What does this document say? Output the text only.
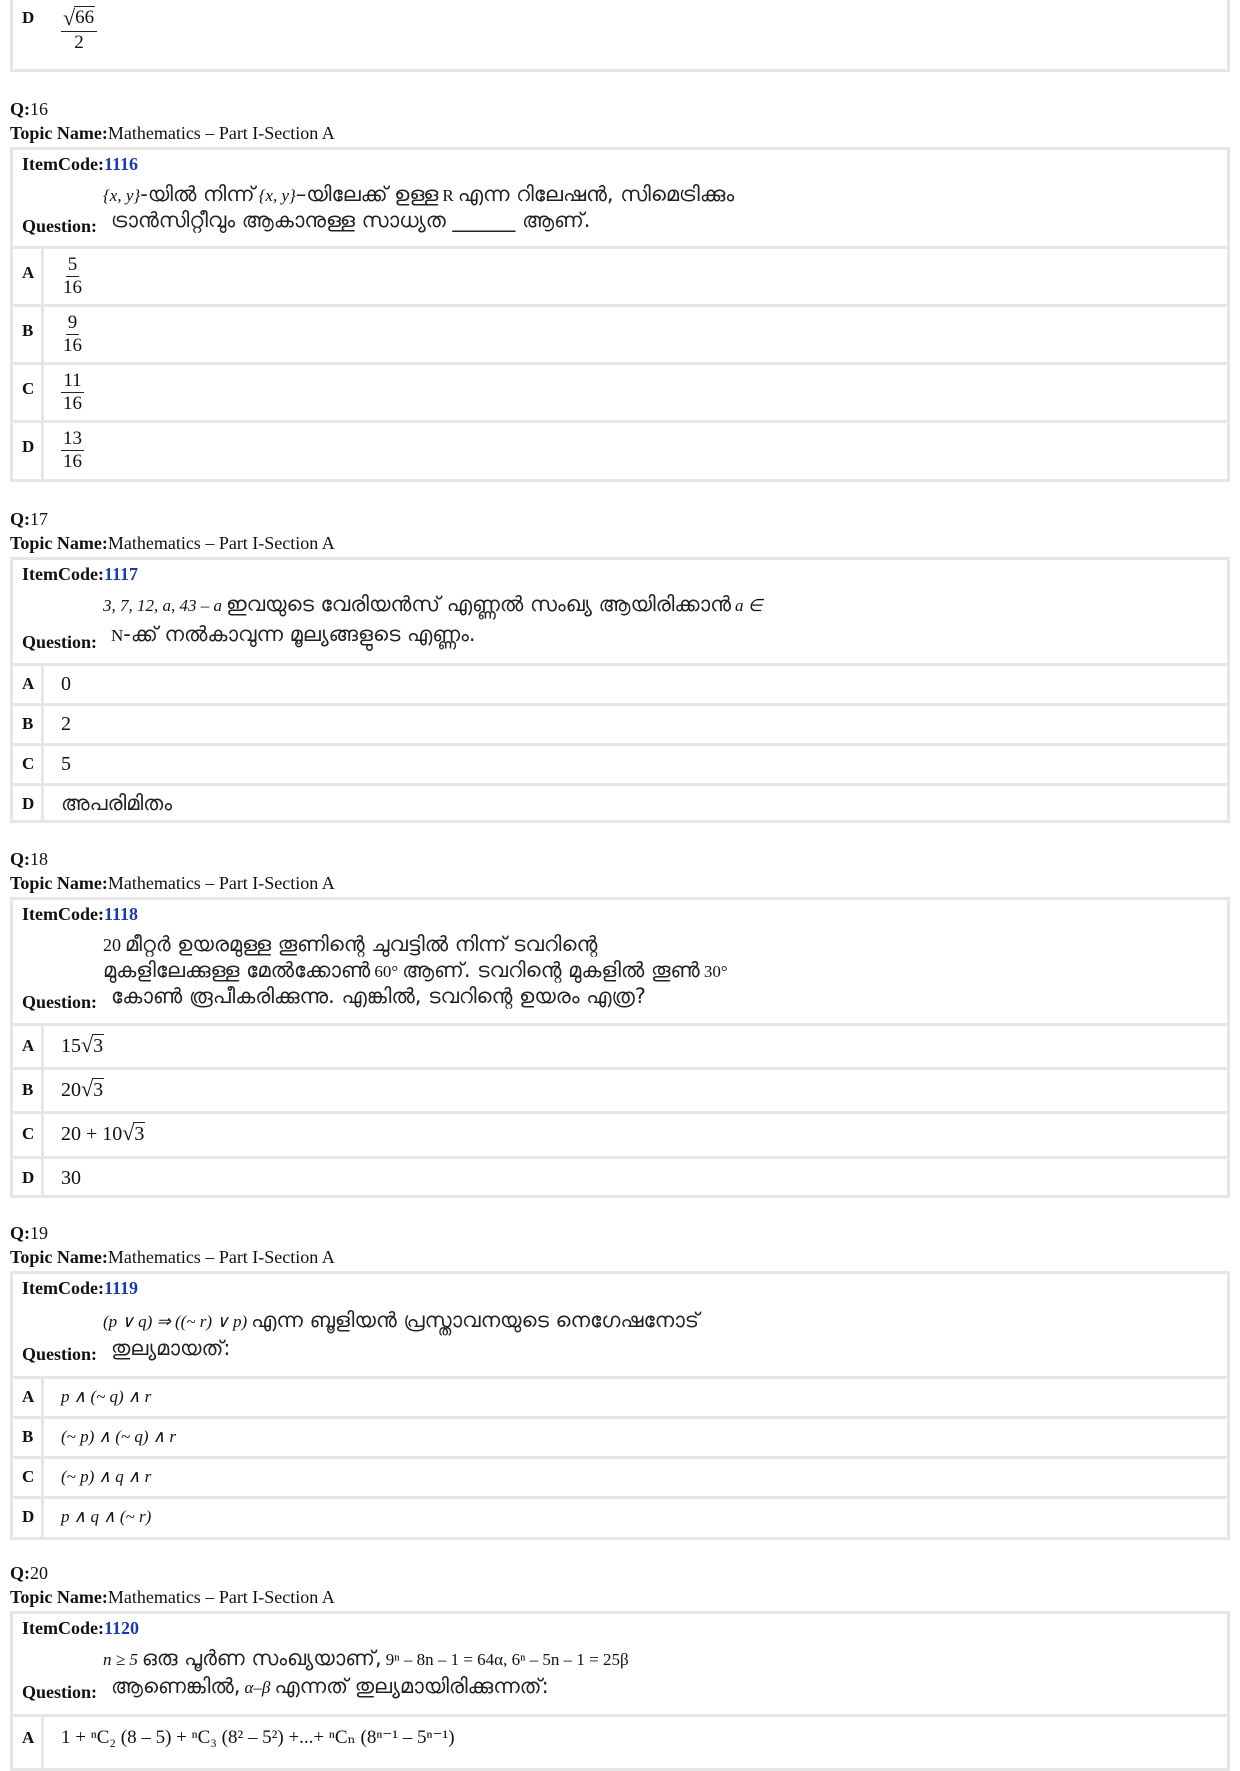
D $\frac{√ 66}{2}$
Q:16
Topic Name:Mathematics – Part I-Section A
ItemCode:1116
{x, y}-യിൽ നിന്ന് {x, y}–യിലേക്ക് ഉള്ള R എന്ന റിലേഷൻ, സിമെട്രിക്കും
Question: ട്രാൻസിറ്റീവും ആകാനുള്ള സാധ്യത ______ ആണ്.
A $\frac{5}{16}$
B $\frac{9}{16}$
C $\frac{11}{16}$
D $\frac{13}{16}$
Q:17
Topic Name:Mathematics – Part I-Section A
ItemCode:1117
3, 7, 12, a, 43 – a ഇവയുടെ വേരിയൻസ് എണ്ണൽ സംഖ്യ ആയിരിക്കാൻ a ∈
Question: N-ക്ക് നൽകാവുന്ന മൂല്യങ്ങളുടെ എണ്ണം.
A 0
B 2
C 5
D അപരിമിതം
Q:18
Topic Name:Mathematics – Part I-Section A
ItemCode:1118
20 മീറ്റർ ഉയരമുള്ള തൂണിന്റെ ചുവട്ടിൽ നിന്ന് ടവറിന്റെ
മുകളിലേക്കുള്ള മേൽക്കോൺ 60° ആണ്. ടവറിന്റെ മുകളിൽ തൂൺ 30°
Question: കോൺ രൂപീകരിക്കുന്നു. എങ്കിൽ, ടവറിന്റെ ഉയരം എത്ര?
A 15 √ 3
B 20 √ 3
C 20 + 10 √ 3
D 30
Q:19
Topic Name:Mathematics – Part I-Section A
ItemCode:1119
(p ∨ q) ⇒ ((~ r) ∨ p) എന്ന ബൂളിയൻ പ്രസ്താവനയുടെ നെഗേഷനോട്
Question: തുല്യമായത്:
A p ∧ (~ q) ∧ r
B (~ p) ∧ (~ q) ∧ r
C (~ p) ∧ q ∧ r
D p ∧ q ∧ (~ r)
Q:20
Topic Name:Mathematics – Part I-Section A
ItemCode:1120
n ≥ 5 ഒരു പൂർണ സംഖ്യയാണ്, 9ⁿ – 8n – 1 = 64α, 6ⁿ – 5n – 1 = 25β
Question: ആണെങ്കിൽ, α–β എന്നത് തുല്യമായിരിക്കുന്നത്:
A 1 + ⁿC₂ (8 – 5) + ⁿC₃ (8² – 5²) +...+ ⁿCₙ (8ⁿ⁻¹ – 5ⁿ⁻¹)
